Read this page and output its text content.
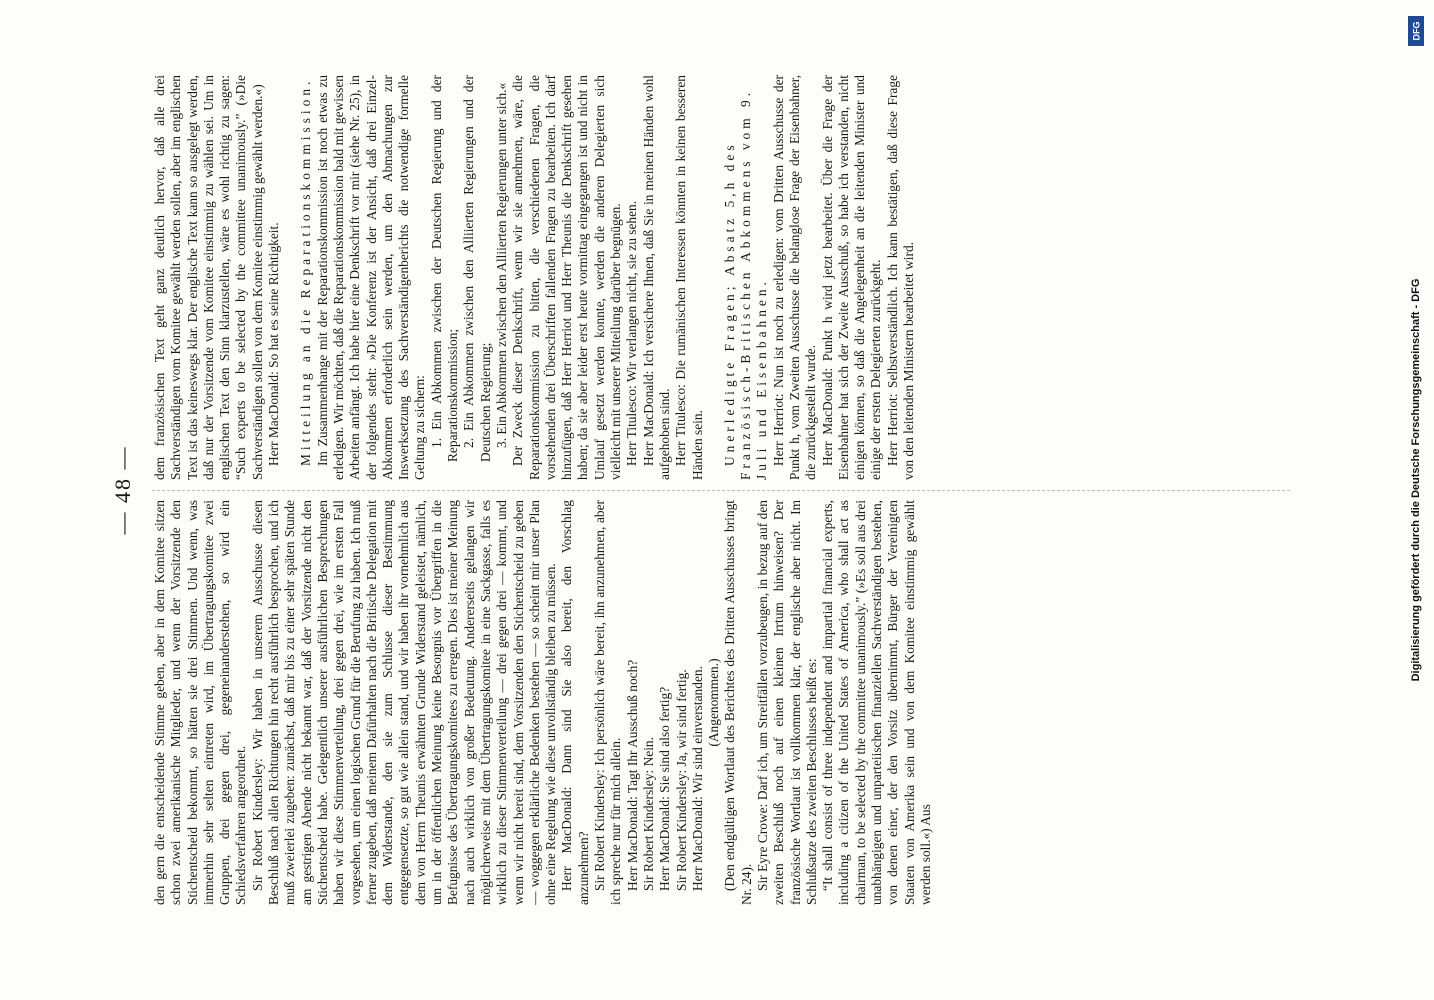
— 48 —

den gern die entscheidende Stimme geben, aber in dem Komitee sitzen schon zwei amerikanische Mitglieder, und wenn der Vorsitzende den Stichentscheid bekommt, so hätten sie drei Stimmen. Und wenn, was immerhin sehr selten eintreten wird, im Übertragungskomitee zwei Gruppen, drei gegen drei, gegeneinanderstehen, so wird ein Schiedsverfahren angeordnet. Sir Robert Kindersley: Wir haben in unserem Ausschusse diesen Beschluß nach allen Richtungen hin recht ausführlich besprochen, und ich muß zweierlei zugeben: zunächst, daß mir bis zu einer sehr späten Stunde am gestrigen Abende nicht bekannt war, daß der Vorsitzende nicht den Stichentscheid habe. Gelegentlich unserer ausführlichen Besprechungen haben wir diese Stimmenverteilung, drei gegen drei, wie im ersten Fall vorgesehen, um einen logischen Grund für die Berufung zu haben. Ich muß ferner zugeben, daß meinem Dafürhalten nach die Britische Delegation mit dem Widerstande, den sie zum Schlusse dieser Bestimmung entgegensetzte, so gut wie allein stand, und wir haben ihr vornehmlich aus dem von Herrn Theunis erwähnten Grunde Widerstand geleistet, nämlich, um in der öffentlichen Meinung keine Besorgnis vor Übergriffen in die Befugnisse des Übertragungskomitees zu erregen. Dies ist meiner Meinung nach auch wirklich von großer Bedeutung. Andererseits gelangen wir möglicherweise mit dem Übertragungskomitee in eine Sackgasse, falls es wirklich zu dieser Stimmenverteilung — drei gegen drei — kommt, und wenn wir nicht bereit sind, dem Vorsitzenden den Stichentscheid zu geben — woggegen erklärliche Bedenken bestehen — so scheint mir unser Plan ohne eine Regelung wie diese unvollständig bleiben zu müssen. Herr MacDonald: Dann sind Sie also bereit, den Vorschlag anzunehmen? Sir Robert Kindersley: Ich persönlich wäre bereit, ihn anzunehmen, aber ich spreche nur für mich allein. Herr MacDonald: Tagt Ihr Ausschuß noch? Sir Robert Kindersley: Nein. Herr MacDonald: Sie sind also fertig? Sir Robert Kindersley: Ja, wir sind fertig. Herr MacDonald: Wir sind einverstanden. (Angenommen.) (Den endgültigen Wortlaut des Berichtes des Dritten Ausschusses bringt Nr. 24). Sir Eyre Crowe: Darf ich, um Streitfällen vorzubeugen, in bezug auf den zweiten Beschluß noch auf einen kleinen Irrtum hinweisen? Der französische Wortlaut ist vollkommen klar, der englische aber nicht. Im Schlußsatze des zweiten Beschlusses heißt es: “It shall consist of three independent and impartial financial experts, including a citizen of the United States of America, who shall act as chairman, to be selected by the committee unanimously.” (»Es soll aus drei unabhängigen und unparteiischen finanziellen Sachverständigen bestehen, von denen einer, der den Vorsitz übernimmt, Bürger der Vereinigten Staaten von Amerika sein und von dem Komitee einstimmig gewählt werden soll.«) Aus

dem französischen Text geht ganz deutlich hervor, daß alle drei Sachverständigen vom Komitee gewählt werden sollen, aber im englischen Text ist das keineswegs klar. Der englische Text kann so ausgelegt werden, daß nur der Vorsitzende vom Komitee einstimmig zu wählen sei. Um in englischen Text den Sinn klarzustellen, wäre es wohl richtig zu sagen: “Such experts to be selected by the committee unanimously.” (»Die Sachverständigen sollen von dem Komitee einstimmig gewählt werden.«) Herr MacDonald: So hat es seine Richtigkeit. Mitteilung an die Reparationskommission. Im Zusammenhange mit der Reparationskommission ist noch etwas zu erledigen. Wir möchten, daß die Reparationskommission bald mit gewissen Arbeiten anfängt. Ich habe hier eine Denkschrift vor mir (siehe Nr. 25), in der folgendes steht: »Die Konferenz ist der Ansicht, daß drei Einzel-Abkommen erforderlich sein werden, um den Abmachungen zur Inswerksetzung des Sachverständigenberichts die notwendige formelle Geltung zu sichern: 1. Ein Abkommen zwischen der Deutschen Regierung und der Reparationskommission; 2. Ein Abkommen zwischen den Alliierten Regierungen und der Deutschen Regierung; 3. Ein Abkommen zwischen den Alliierten Regierungen unter sich.« Der Zweck dieser Denkschrift, wenn wir sie annehmen, wäre, die Reparationskommission zu bitten, die verschiedenen Fragen, die vorstehenden drei Überschriften fallenden Fragen zu bearbeiten. Ich darf hinzufügen, daß Herr Herriot und Herr Theunis die Denkschrift gesehen haben; da sie aber leider erst heute vormittag eingegangen ist und nicht in Umlauf gesetzt werden konnte, werden die anderen Delegierten sich vielleicht mit unserer Mitteilung darüber begnügen. Herr Titulesco: Wir verlangen nicht, sie zu sehen. Herr MacDonald: Ich versichere Ihnen, daß Sie in meinen Händen wohl aufgehoben sind. Herr Titulesco: Die rumänischen Interessen könnten in keinen besseren Händen sein. Unerledigte Fragen; Absatz 5,h des Französisch-Britischen Abkommens vom 9. Juli und Eisenbahnen. Herr Herriot: Nun ist noch zu erledigen: vom Dritten Ausschusse der Punkt h, vom Zweiten Ausschusse die belanglose Frage der Eisenbahner, die zurückgestellt wurde. Herr MacDonald: Punkt h wird jetzt bearbeitet. Über die Frage der Eisenbahner hat sich der Zweite Ausschuß, so habe ich verstanden, nicht einigen können, so daß die Angelegenheit an die leitenden Minister und einige der ersten Delegierten zurückgeht. Herr Herriot: Selbstverständlich. Ich kann bestätigen, daß diese Frage von den leitenden Ministern bearbeitet wird.

DFG
Digitalisierung gefördert durch die Deutsche Forschungsgemeinschaft - DFG
